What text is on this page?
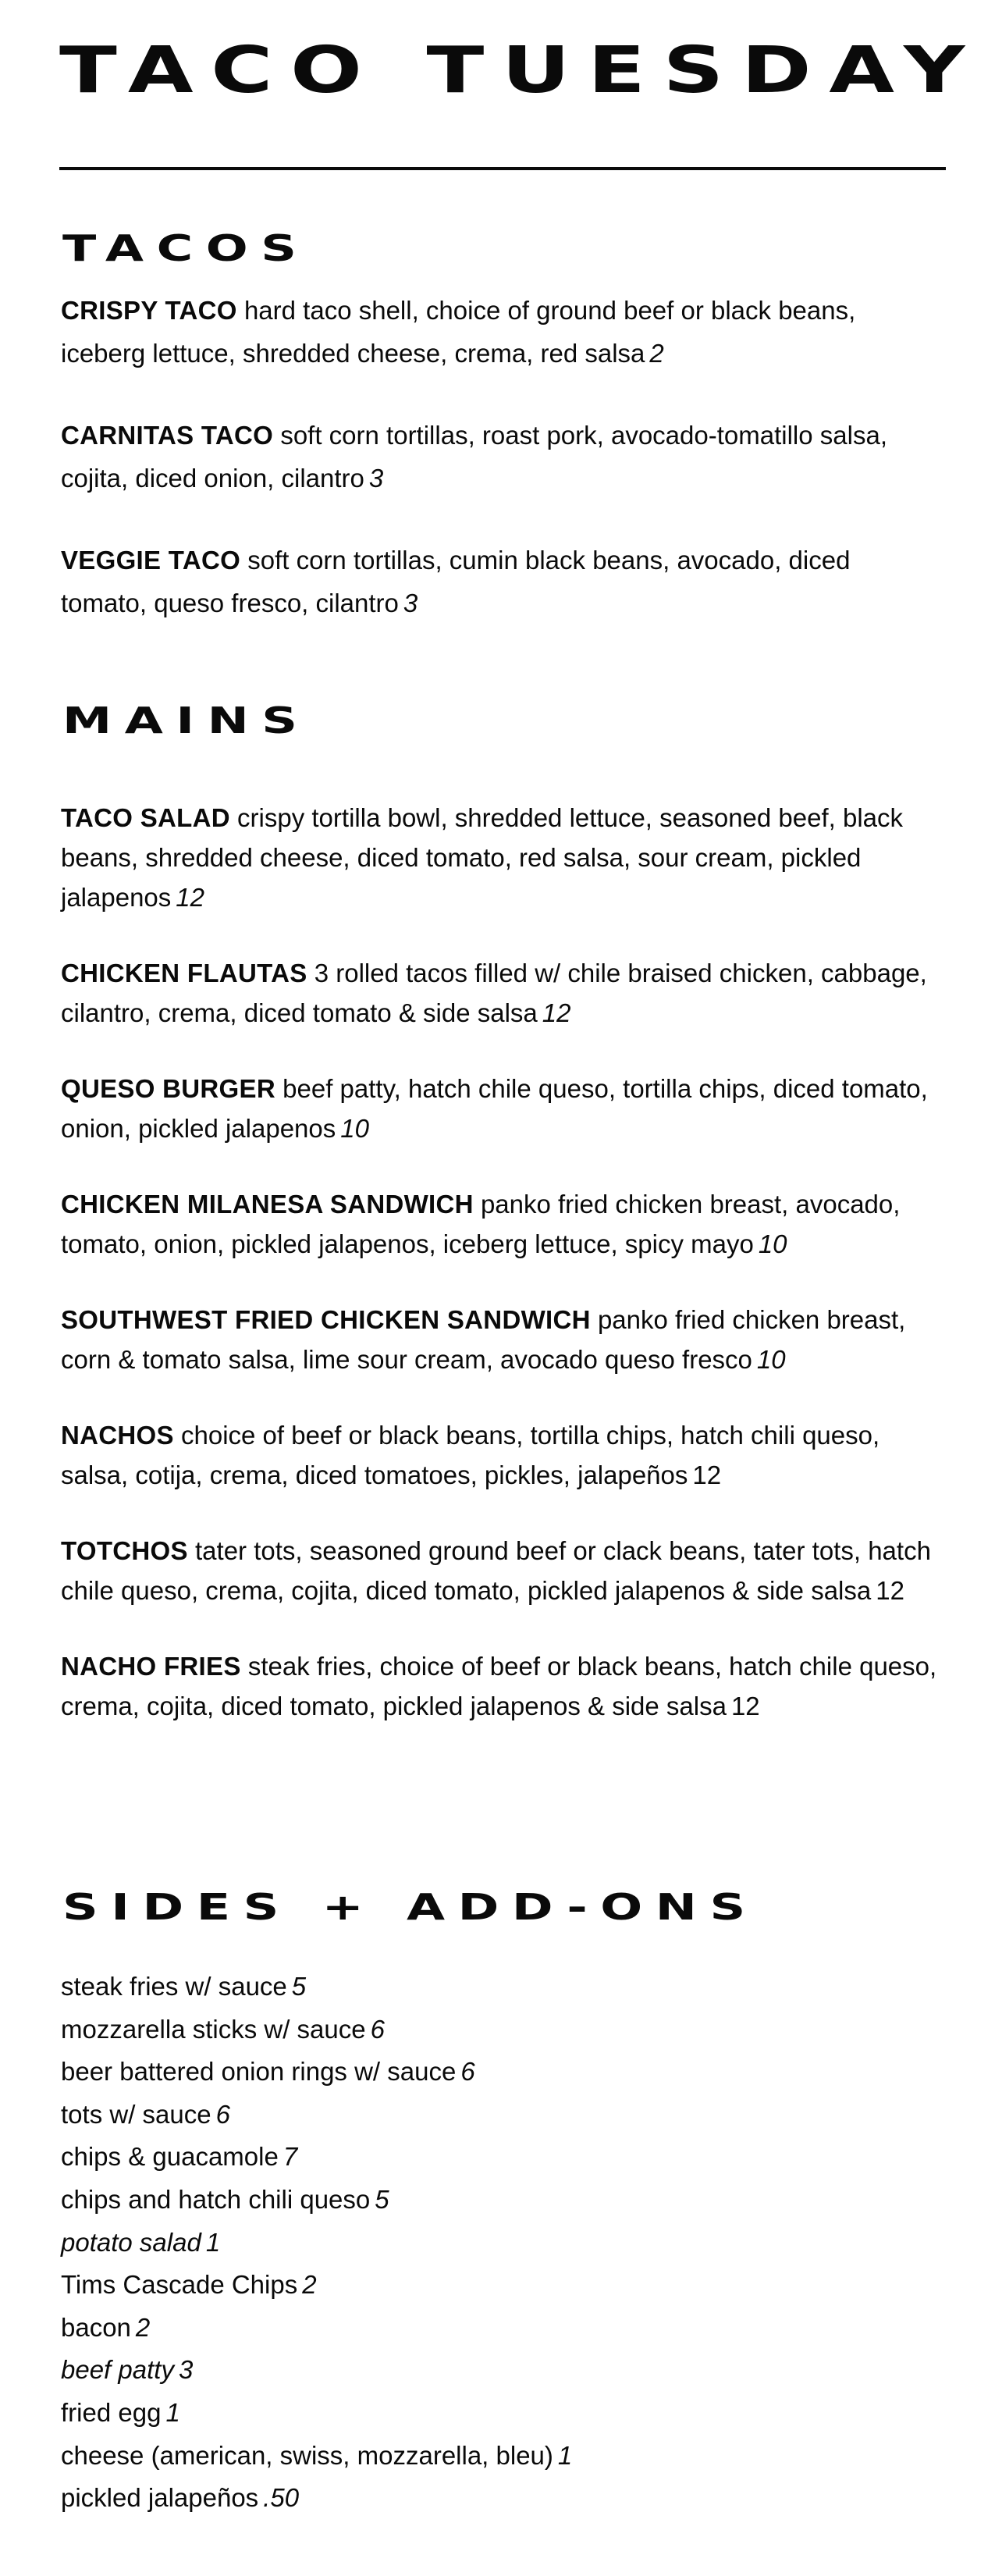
TACO TUESDAY
TACOS
CRISPY TACO hard taco shell, choice of ground beef or black beans, iceberg lettuce, shredded cheese, crema, red salsa 2
CARNITAS TACO soft corn tortillas, roast pork, avocado-tomatillo salsa, cojita, diced onion, cilantro 3
VEGGIE TACO soft corn tortillas, cumin black beans, avocado, diced tomato, queso fresco, cilantro 3
MAINS
TACO SALAD crispy tortilla bowl, shredded lettuce, seasoned beef, black beans, shredded cheese, diced tomato, red salsa, sour cream, pickled jalapenos 12
CHICKEN FLAUTAS 3 rolled tacos filled w/ chile braised chicken, cabbage, cilantro, crema, diced tomato & side salsa 12
QUESO BURGER beef patty, hatch chile queso, tortilla chips, diced tomato, onion, pickled jalapenos 10
CHICKEN MILANESA SANDWICH panko fried chicken breast, avocado, tomato, onion, pickled jalapenos, iceberg lettuce, spicy mayo 10
SOUTHWEST FRIED CHICKEN SANDWICH panko fried chicken breast, corn & tomato salsa, lime sour cream, avocado queso fresco 10
NACHOS choice of beef or black beans, tortilla chips, hatch chili queso, salsa, cotija, crema, diced tomatoes, pickles, jalapeños 12
TOTCHOS tater tots, seasoned ground beef or clack beans, tater tots, hatch chile queso, crema, cojita, diced tomato, pickled jalapenos & side salsa 12
NACHO FRIES steak fries, choice of beef or black beans, hatch chile queso, crema, cojita, diced tomato, pickled jalapenos & side salsa 12
SIDES + ADD-ONS
steak fries w/ sauce 5
mozzarella sticks w/ sauce 6
beer battered onion rings w/ sauce 6
tots w/ sauce 6
chips & guacamole 7
chips and hatch chili queso 5
potato salad 1
Tims Cascade Chips 2
bacon 2
beef patty 3
fried egg 1
cheese (american, swiss, mozzarella, bleu) 1
pickled jalapeños .50
